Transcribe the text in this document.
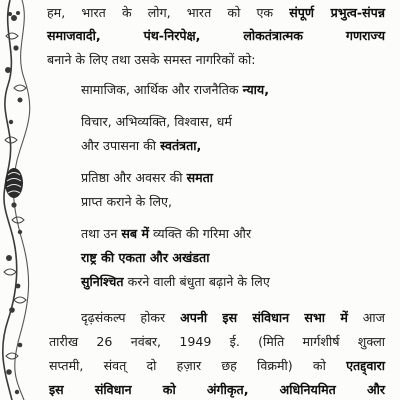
हम, भारत के लोग, भारत को एक संपूर्ण प्रभुत्व-संपन्न
समाजवादी, पंथ-निरपेक्ष, लोकतंत्रात्मक गणराज्य
बनाने के लिए तथा उसके समस्त नागरिकों को:
सामाजिक, आर्थिक और राजनैतिक न्याय,
विचार, अभिव्यक्ति, विश्वास, धर्म
और उपासना की स्वतंत्रता,
प्रतिष्ठा और अवसर की समता
प्राप्त कराने के लिए,
तथा उन सब में व्यक्ति की गरिमा और
राष्ट्र की एकता और अखंडता
सुनिश्चित करने वाली बंधुता बढ़ाने के लिए
दृढ़संकल्प होकर अपनी इस संविधान सभा में आज
तारीख 26 नवंबर, 1949 ई. (मिति मार्गशीर्ष शुक्ला
सप्तमी, संवत् दो हज़ार छह विक्रमी) को एतद्द्वारा
इस संविधान को अंगीकृत, अधिनियमित और
